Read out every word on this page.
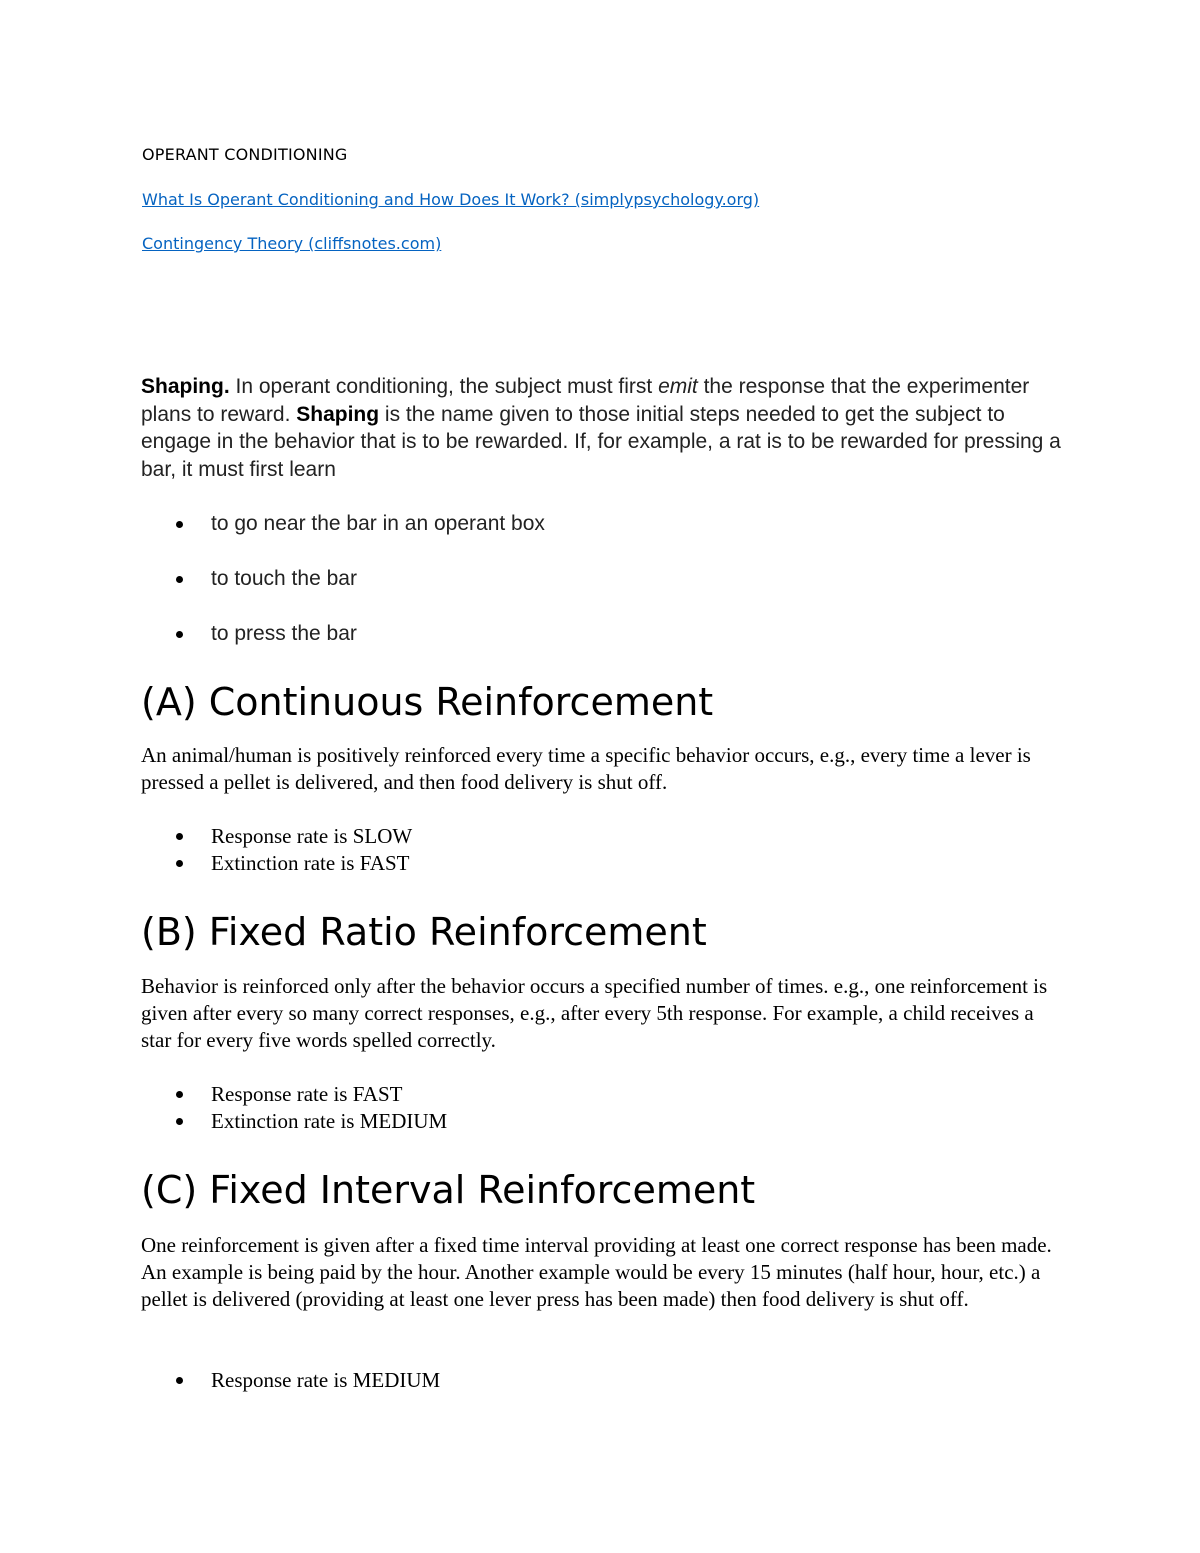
OPERANT CONDITIONING

What Is Operant Conditioning and How Does It Work? (simplypsychology.org)
Contingency Theory (cliffsnotes.com)

Shaping. In operant conditioning, the subject must first emit the response that the experimenter plans to reward. Shaping is the name given to those initial steps needed to get the subject to engage in the behavior that is to be rewarded. If, for example, a rat is to be rewarded for pressing a bar, it must first learn

to go near the bar in an operant box
to touch the bar
to press the bar
(A) Continuous Reinforcement

An animal/human is positively reinforced every time a specific behavior occurs, e.g., every time a lever is pressed a pellet is delivered, and then food delivery is shut off.

Response rate is SLOW
Extinction rate is FAST
(B) Fixed Ratio Reinforcement

Behavior is reinforced only after the behavior occurs a specified number of times. e.g., one reinforcement is given after every so many correct responses, e.g., after every 5th response. For example, a child receives a star for every five words spelled correctly.

Response rate is FAST
Extinction rate is MEDIUM
(C) Fixed Interval Reinforcement

One reinforcement is given after a fixed time interval providing at least one correct response has been made. An example is being paid by the hour. Another example would be every 15 minutes (half hour, hour, etc.) a pellet is delivered (providing at least one lever press has been made) then food delivery is shut off.

Response rate is MEDIUM
